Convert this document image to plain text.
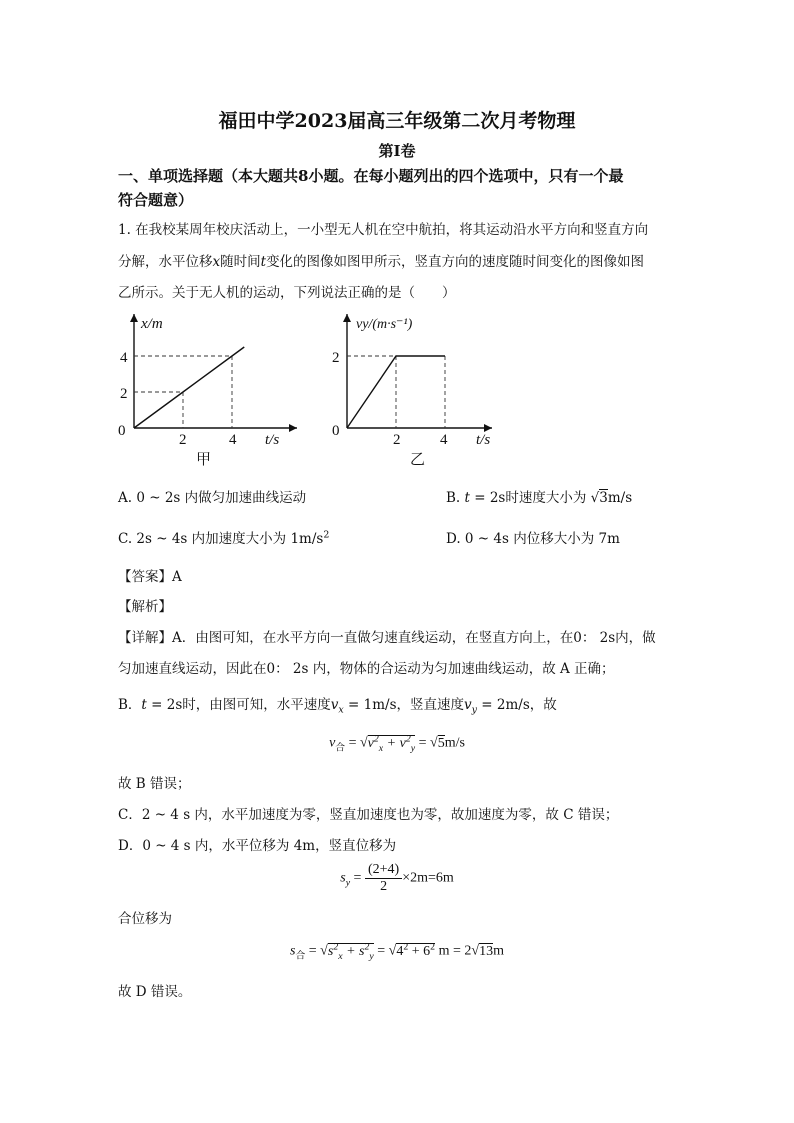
福田中学2023届高三年级第二次月考物理
第I卷
一、单项选择题（本大题共8小题。在每小题列出的四个选项中，只有一个最
符合题意）
1. 在我校某周年校庆活动上，一小型无人机在空中航拍，将其运动沿水平方向和竖直方向
分解，水平位移x随时间t变化的图像如图甲所示，竖直方向的速度随时间变化的图像如图
乙所示。关于无人机的运动，下列说法正确的是（　　）
x/m
t/s
0
2	4
2
4
甲
vy/(m·s⁻¹)
t/s
0
2	4
2
乙
A. 0 ~ 2s 内做匀加速曲线运动	B. t = 2s时速度大小为 √3m/s
C. 2s ~ 4s 内加速度大小为 $1m/s^2$	D. 0 ~ 4s 内位移大小为 7m
【答案】A
【解析】
【详解】A．由图可知，在水平方向一直做匀速直线运动，在竖直方向上，在0： 2s内，做
匀加速直线运动，因此在0： 2s 内，物体的合运动为匀加速曲线运动，故 A 正确；
B．t = 2s时，由图可知，水平速度$v_x = 1m/s$，竖直速度$v_y = 2m/s$，故
$v_合 = √v^2_x + v^2_y = √5m/s$
故 B 错误；
C．2 ~ 4 s 内，水平加速度为零，竖直加速度也为零，故加速度为零，故 C 错误；
D．0 ~ 4 s 内，水平位移为 4m，竖直位移为
$s_y = \frac{(2+4)}{2} \times 2m=6m$
合位移为
$s_合 = √s^2_x + s^2_y = √4^2 + 6^2$ m = 2√13m
故 D 错误。
